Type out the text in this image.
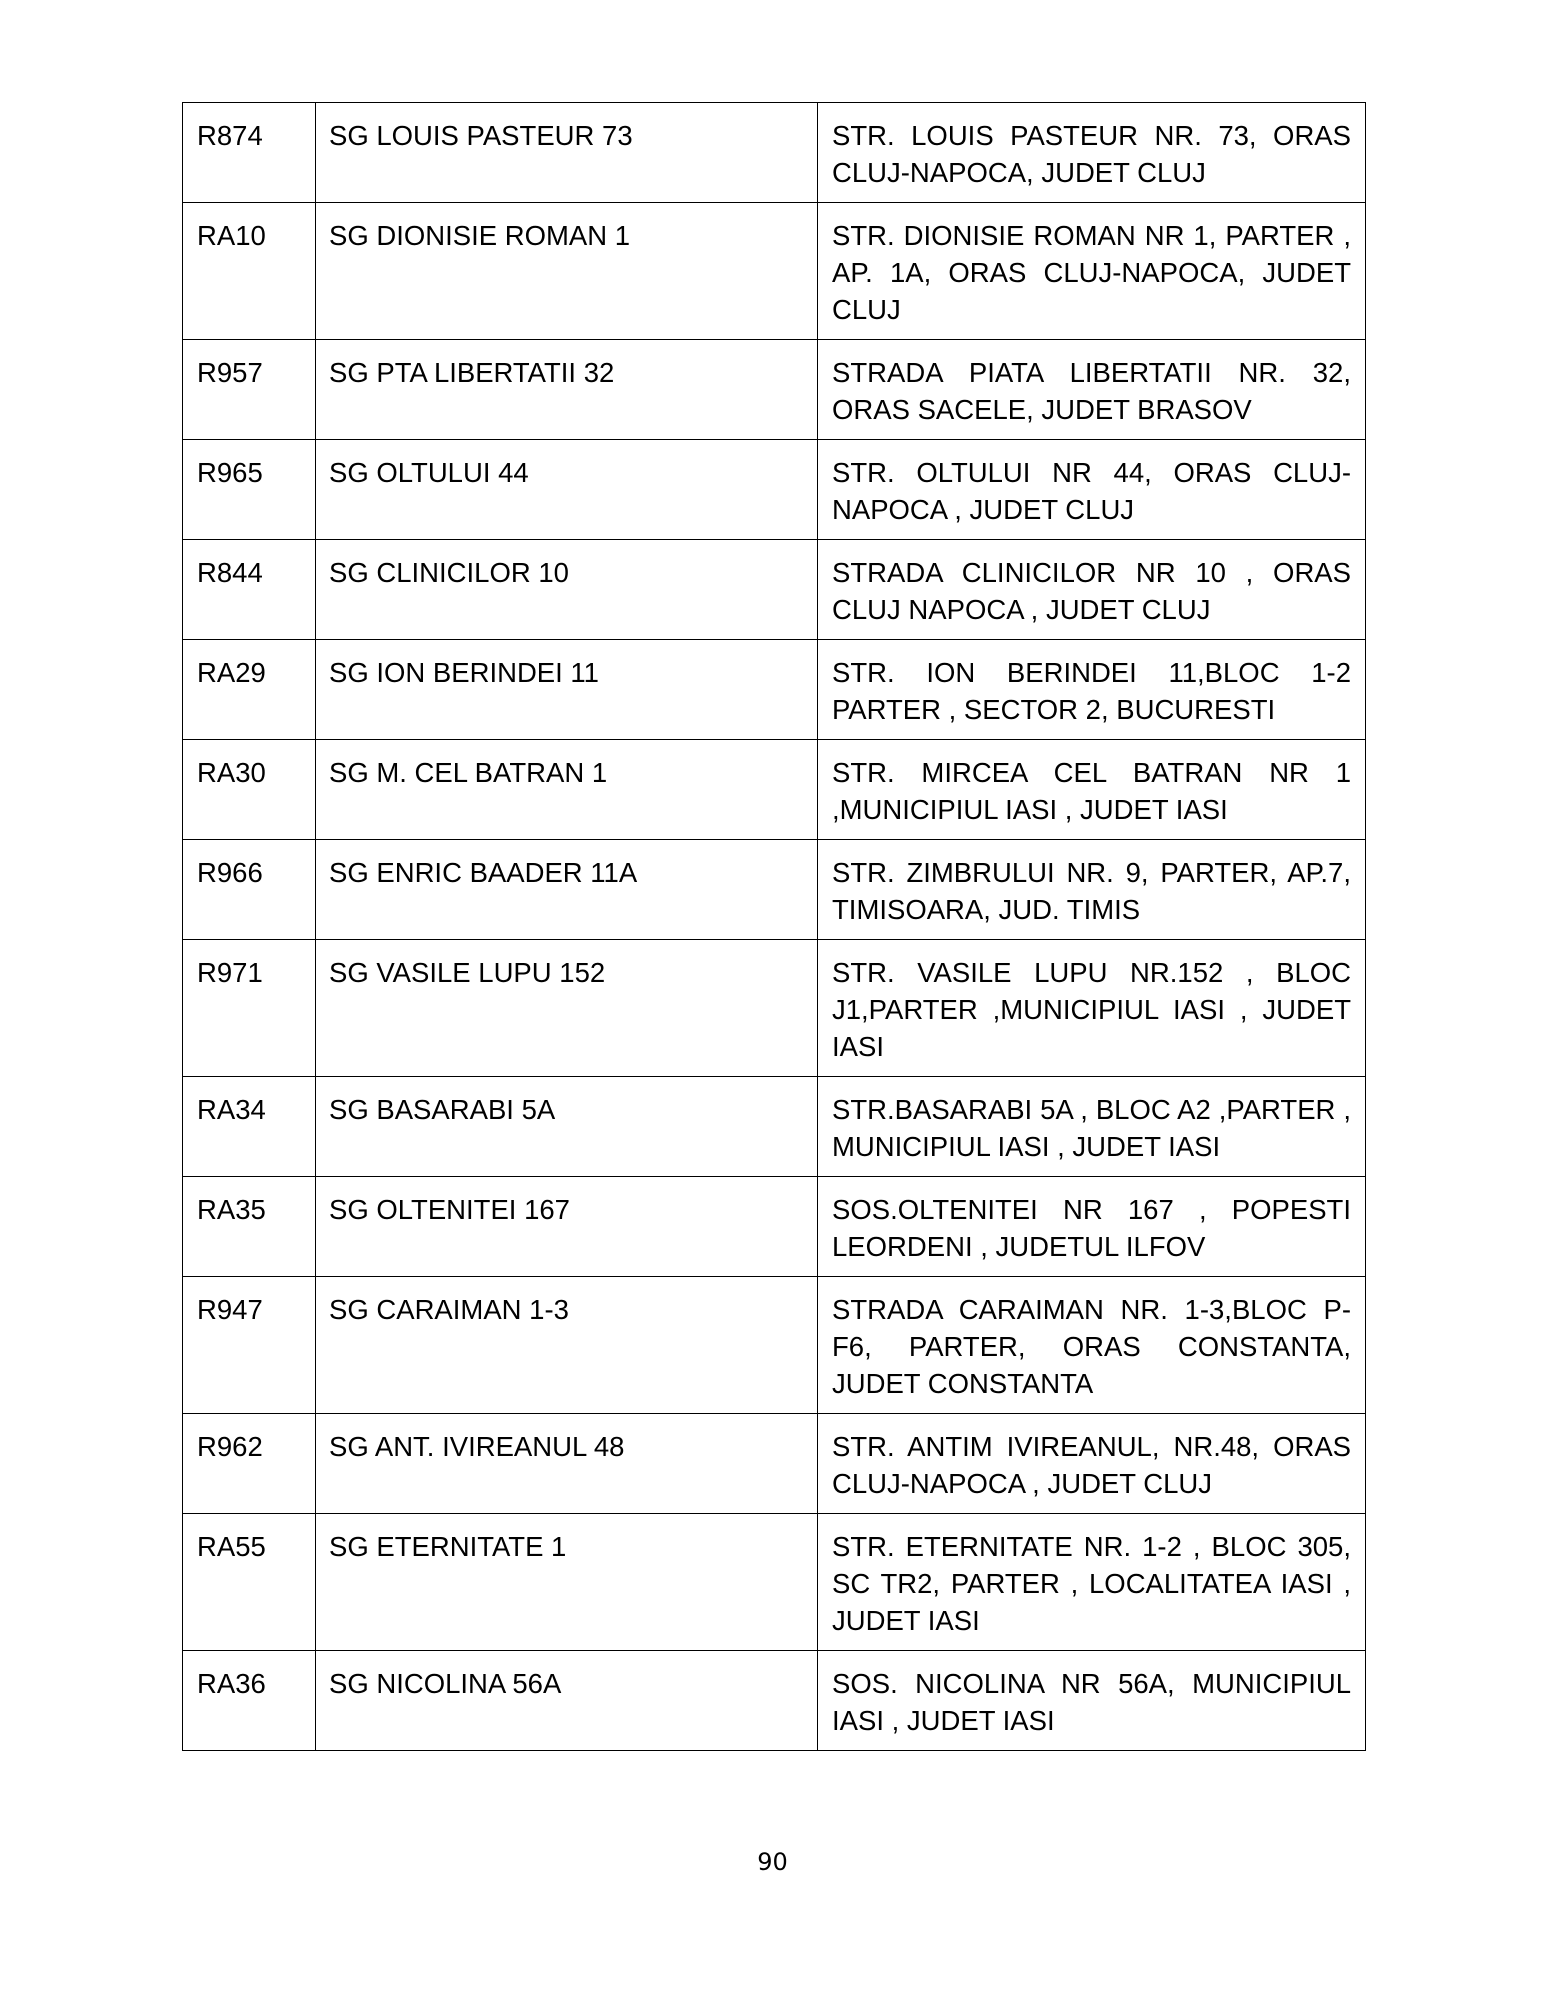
R874	SG LOUIS PASTEUR 73	STR. LOUIS PASTEUR NR. 73, ORAS CLUJ-NAPOCA, JUDET CLUJ
RA10	SG DIONISIE ROMAN 1	STR. DIONISIE ROMAN NR 1, PARTER , AP. 1A, ORAS CLUJ-NAPOCA, JUDET CLUJ
R957	SG PTA LIBERTATII 32	STRADA PIATA LIBERTATII NR. 32, ORAS SACELE, JUDET BRASOV
R965	SG OLTULUI 44	STR. OLTULUI NR 44, ORAS CLUJ-NAPOCA , JUDET CLUJ
R844	SG CLINICILOR 10	STRADA CLINICILOR NR 10 , ORAS CLUJ NAPOCA , JUDET CLUJ
RA29	SG ION BERINDEI 11	STR. ION BERINDEI 11,BLOC 1-2 PARTER , SECTOR 2, BUCURESTI
RA30	SG M. CEL BATRAN 1	STR. MIRCEA CEL BATRAN NR 1 ,MUNICIPIUL IASI , JUDET IASI
R966	SG ENRIC BAADER 11A	STR. ZIMBRULUI NR. 9, PARTER, AP.7, TIMISOARA, JUD. TIMIS
R971	SG VASILE LUPU 152	STR. VASILE LUPU NR.152 , BLOC J1,PARTER ,MUNICIPIUL IASI , JUDET IASI
RA34	SG BASARABI 5A	STR.BASARABI 5A , BLOC A2 ,PARTER , MUNICIPIUL IASI , JUDET IASI
RA35	SG OLTENITEI 167	SOS.OLTENITEI NR 167 , POPESTI LEORDENI , JUDETUL ILFOV
R947	SG CARAIMAN 1-3	STRADA CARAIMAN NR. 1-3,BLOC P-F6, PARTER, ORAS CONSTANTA, JUDET CONSTANTA
R962	SG ANT. IVIREANUL 48	STR. ANTIM IVIREANUL, NR.48, ORAS CLUJ-NAPOCA , JUDET CLUJ
RA55	SG ETERNITATE 1	STR. ETERNITATE NR. 1-2 , BLOC 305, SC TR2, PARTER , LOCALITATEA IASI , JUDET IASI
RA36	SG NICOLINA 56A	SOS. NICOLINA NR 56A, MUNICIPIUL IASI , JUDET IASI
90
